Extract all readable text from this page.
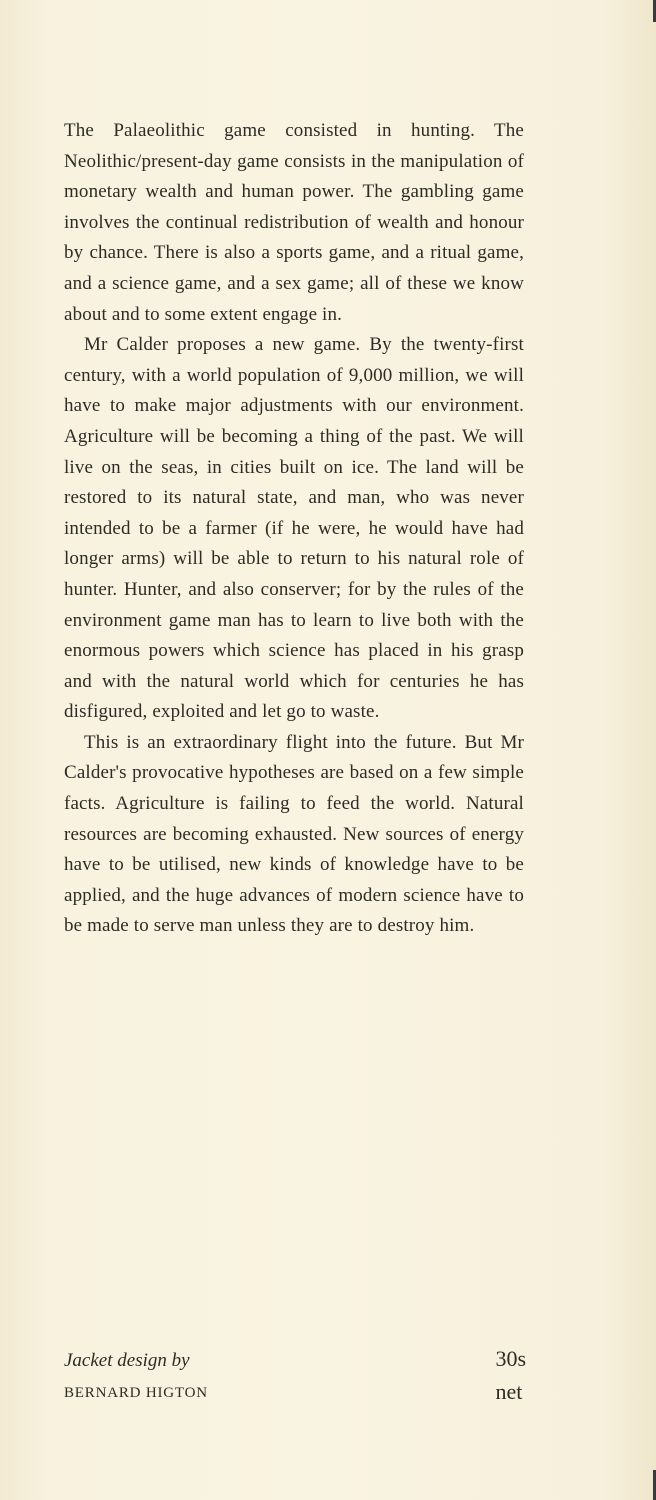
The Palaeolithic game consisted in hunting. The Neolithic/present-day game consists in the manipulation of monetary wealth and human power. The gambling game involves the continual redistribution of wealth and honour by chance. There is also a sports game, and a ritual game, and a science game, and a sex game; all of these we know about and to some extent engage in.

Mr Calder proposes a new game. By the twenty-first century, with a world population of 9,000 million, we will have to make major adjustments with our environment. Agriculture will be becoming a thing of the past. We will live on the seas, in cities built on ice. The land will be restored to its natural state, and man, who was never intended to be a farmer (if he were, he would have had longer arms) will be able to return to his natural role of hunter. Hunter, and also conserver; for by the rules of the environment game man has to learn to live both with the enormous powers which science has placed in his grasp and with the natural world which for centuries he has disfigured, exploited and let go to waste.

This is an extraordinary flight into the future. But Mr Calder's provocative hypotheses are based on a few simple facts. Agriculture is failing to feed the world. Natural resources are becoming exhausted. New sources of energy have to be utilised, new kinds of knowledge have to be applied, and the huge advances of modern science have to be made to serve man unless they are to destroy him.

Jacket design by
BERNARD HIGTON
30s
net
